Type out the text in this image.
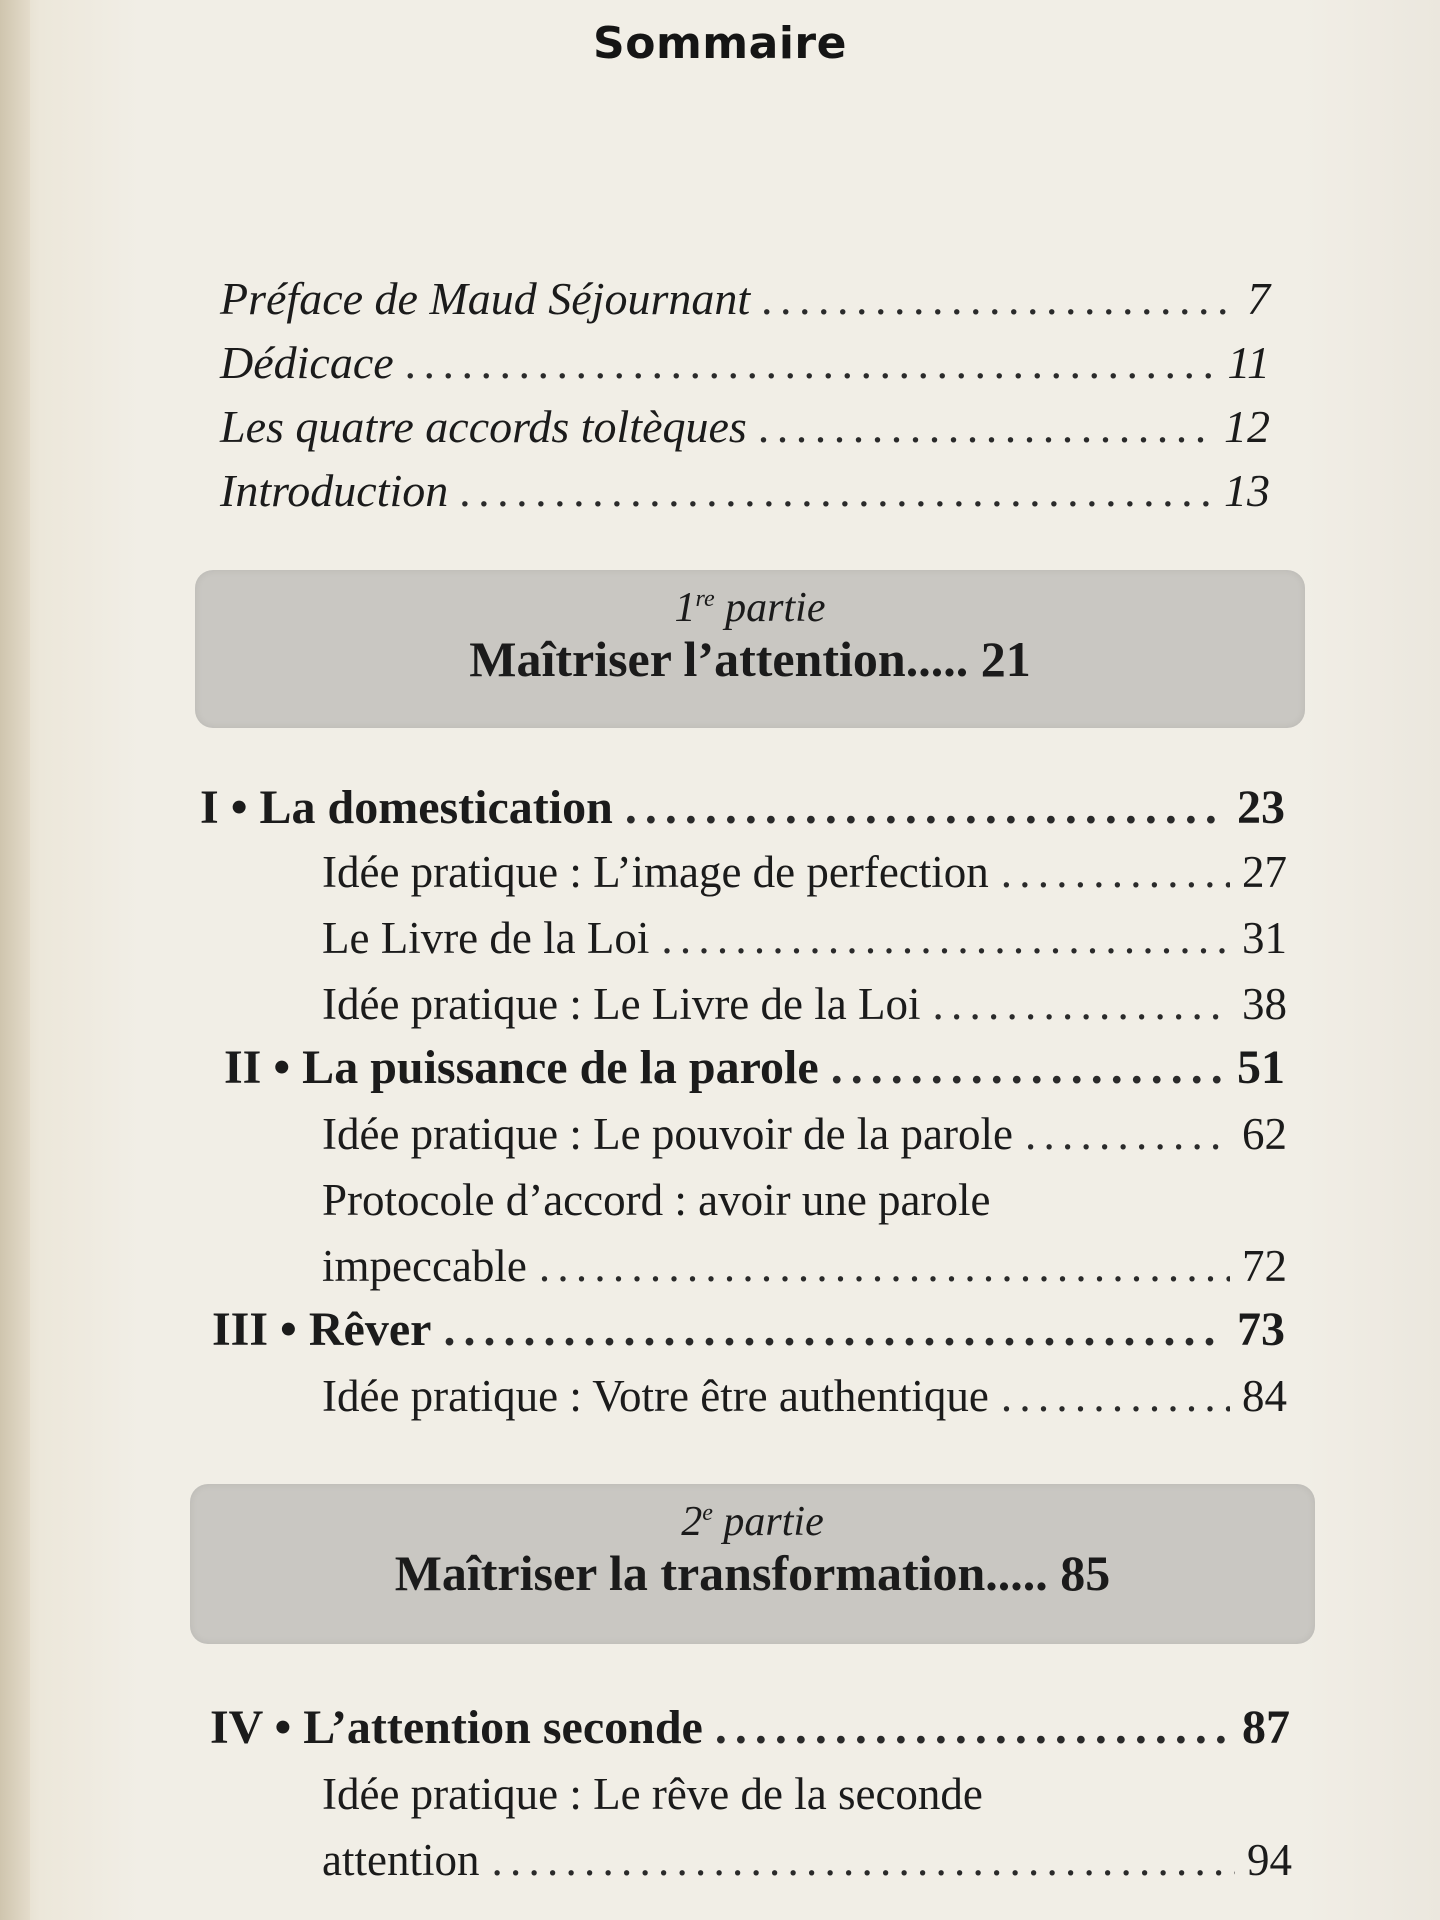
Sommaire
Préface de Maud Séjournant . . .	7
Dédicace . . .	11
Les quatre accords toltèques . . .	12
Introduction . . .	13
1re partie
Maîtriser l’attention..... 21
I • La domestication . . .	23
Idée pratique : L’image de perfection . . .	27
Le Livre de la Loi . . .	31
Idée pratique : Le Livre de la Loi . . .	38
II • La puissance de la parole . . .	51
Idée pratique : Le pouvoir de la parole . . .	62
Protocole d’accord : avoir une parole
impeccable . . .	72
III • Rêver . . .	73
Idée pratique : Votre être authentique . . .	84
2e partie
Maîtriser la transformation..... 85
IV • L’attention seconde . . .	87
Idée pratique : Le rêve de la seconde
attention . . .	94
